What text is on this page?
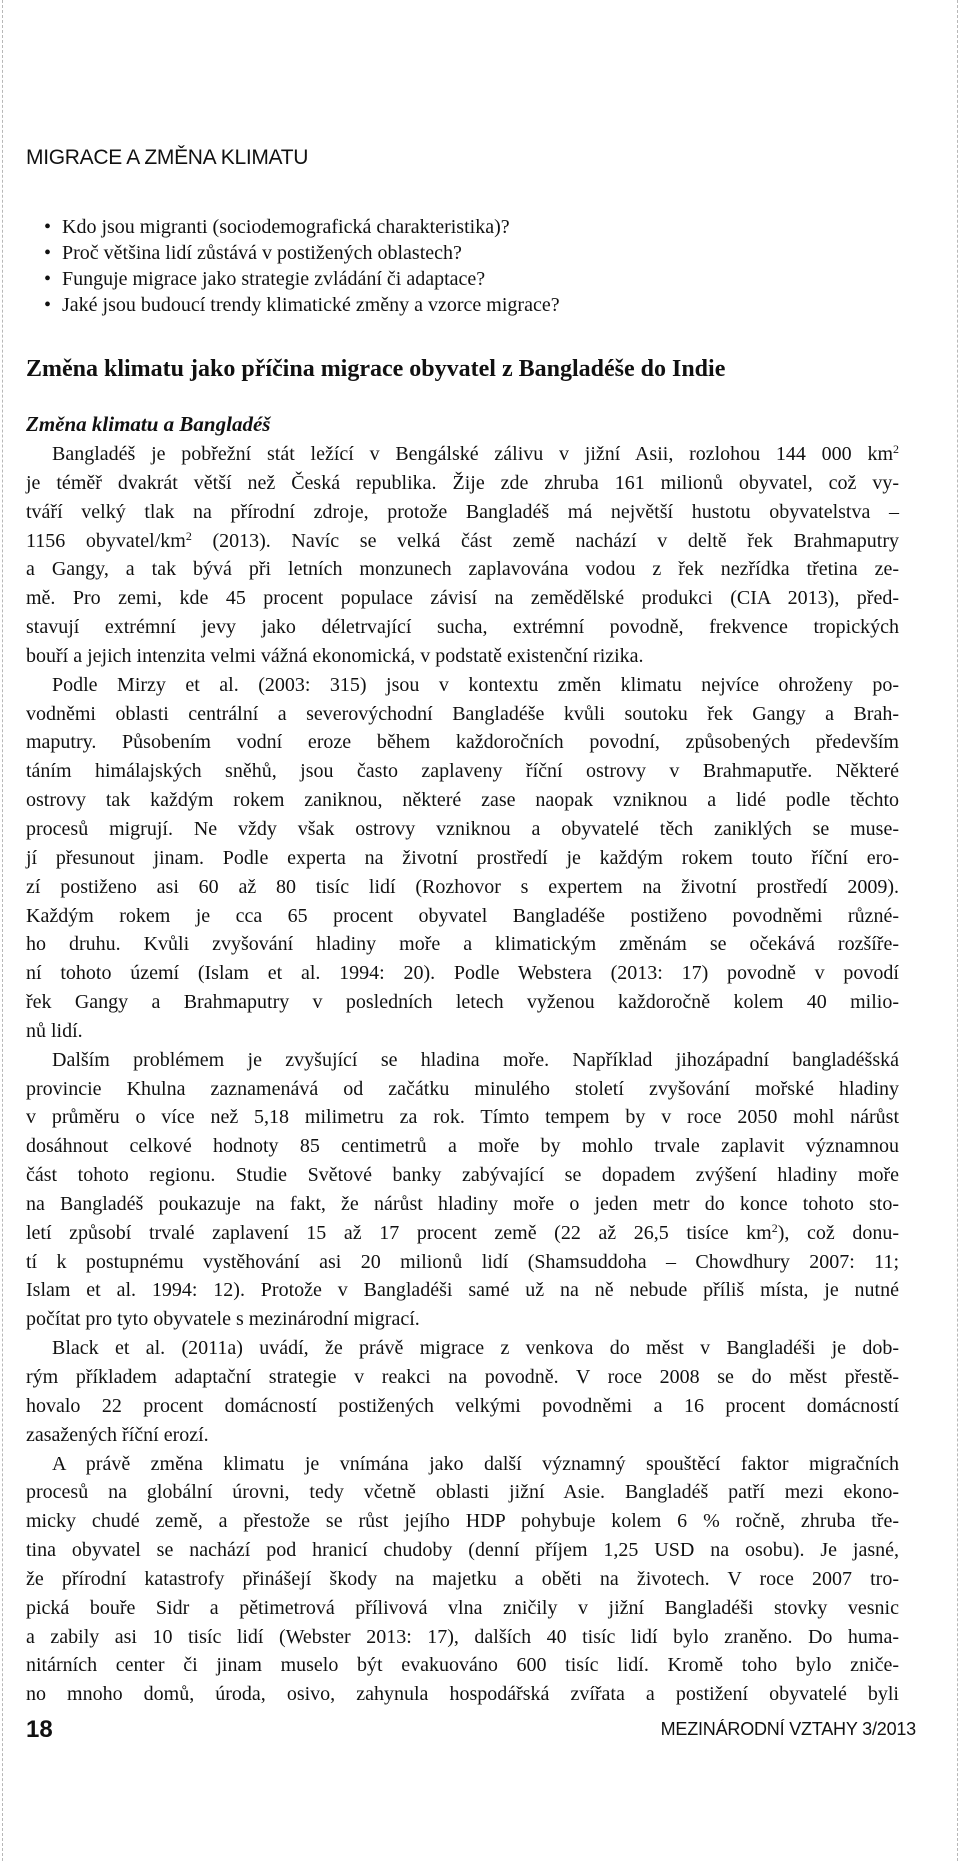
MIGRACE A ZMĚNA KLIMATU
• Kdo jsou migranti (sociodemografická charakteristika)?
• Proč většina lidí zůstává v postižených oblastech?
• Funguje migrace jako strategie zvládání či adaptace?
• Jaké jsou budoucí trendy klimatické změny a vzorce migrace?
Změna klimatu jako příčina migrace obyvatel z Bangladéše do Indie
Změna klimatu a Bangladéš

Bangladéš je pobřežní stát ležící v Bengálské zálivu v jižní Asii, rozlohou 144 000 $km^2$
je téměř dvakrát větší než Česká republika. Žije zde zhruba 161 milionů obyvatel, což vy-
tváří velký tlak na přírodní zdroje, protože Bangladéš má největší hustotu obyvatelstva –
1156 obyvatel/$km^2$ (2013). Navíc se velká část země nachází v deltě řek Brahmaputry
a Gangy, a tak bývá při letních monzunech zaplavována vodou z řek nezřídka třetina ze-
mě. Pro zemi, kde 45 procent populace závisí na zemědělské produkci (CIA 2013), před-
stavují extrémní jevy jako déletrvající sucha, extrémní povodně, frekvence tropických
bouří a jejich intenzita velmi vážná ekonomická, v podstatě existenční rizika.

Podle Mirzy et al. (2003: 315) jsou v kontextu změn klimatu nejvíce ohroženy po-
vodněmi oblasti centrální a severovýchodní Bangladéše kvůli soutoku řek Gangy a Brah-
maputry. Působením vodní eroze během každoročních povodní, způsobených především
táním himálajských sněhů, jsou často zaplaveny říční ostrovy v Brahmaputře. Některé
ostrovy tak každým rokem zaniknou, některé zase naopak vzniknou a lidé podle těchto
procesů migrují. Ne vždy však ostrovy vzniknou a obyvatelé těch zaniklých se muse-
jí přesunout jinam. Podle experta na životní prostředí je každým rokem touto říční ero-
zí postiženo asi 60 až 80 tisíc lidí (Rozhovor s expertem na životní prostředí 2009).
Každým rokem je cca 65 procent obyvatel Bangladéše postiženo povodněmi různé-
ho druhu. Kvůli zvyšování hladiny moře a klimatickým změnám se očekává rozšíře-
ní tohoto území (Islam et al. 1994: 20). Podle Webstera (2013: 17) povodně v povodí
řek Gangy a Brahmaputry v posledních letech vyženou každoročně kolem 40 milio-
nů lidí.

Dalším problémem je zvyšující se hladina moře. Například jihozápadní bangladéšská
provincie Khulna zaznamenává od začátku minulého století zvyšování mořské hladiny
v průměru o více než 5,18 milimetru za rok. Tímto tempem by v roce 2050 mohl nárůst
dosáhnout celkové hodnoty 85 centimetrů a moře by mohlo trvale zaplavit významnou
část tohoto regionu. Studie Světové banky zabývající se dopadem zvýšení hladiny moře
na Bangladéš poukazuje na fakt, že nárůst hladiny moře o jeden metr do konce tohoto sto-
letí způsobí trvalé zaplavení 15 až 17 procent země (22 až 26,5 tisíce $km^2$), což donu-
tí k postupnému vystěhování asi 20 milionů lidí (Shamsuddoha – Chowdhury 2007: 11;
Islam et al. 1994: 12). Protože v Bangladéši samé už na ně nebude příliš místa, je nutné
počítat pro tyto obyvatele s mezinárodní migrací.

Black et al. (2011a) uvádí, že právě migrace z venkova do měst v Bangladéši je dob-
rým příkladem adaptační strategie v reakci na povodně. V roce 2008 se do měst přestě-
hovalo 22 procent domácností postižených velkými povodněmi a 16 procent domácností
zasažených říční erozí.

A právě změna klimatu je vnímána jako další významný spouštěcí faktor migračních
procesů na globální úrovni, tedy včetně oblasti jižní Asie. Bangladéš patří mezi ekono-
micky chudé země, a přestože se růst jejího HDP pohybuje kolem 6 % ročně, zhruba tře-
tina obyvatel se nachází pod hranicí chudoby (denní příjem 1,25 USD na osobu). Je jasné,
že přírodní katastrofy přinášejí škody na majetku a oběti na životech. V roce 2007 tro-
pická bouře Sidr a pětimetrová přílivová vlna zničily v jižní Bangladéši stovky vesnic
a zabily asi 10 tisíc lidí (Webster 2013: 17), dalších 40 tisíc lidí bylo zraněno. Do huma-
nitárních center či jinam muselo být evakuováno 600 tisíc lidí. Kromě toho bylo zniče-
no mnoho domů, úroda, osivo, zahynula hospodářská zvířata a postižení obyvatelé byli

18	MEZINÁRODNÍ VZTAHY 3/2013
